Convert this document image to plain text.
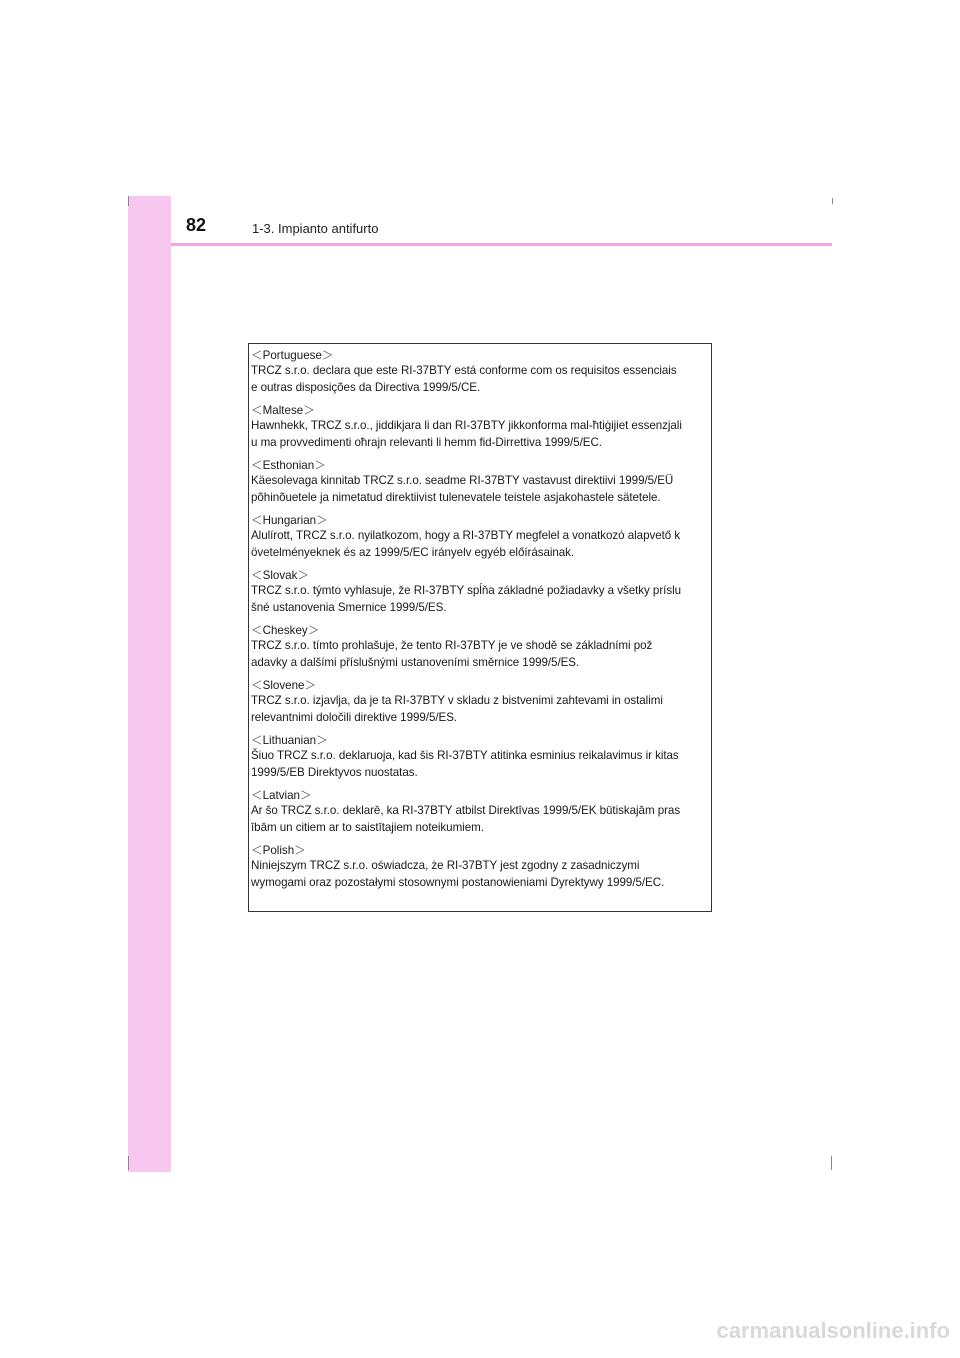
82	1-3. Impianto antifurto
＜Portuguese＞
TRCZ s.r.o. declara que este RI-37BTY está conforme com os requisitos essenciais
e outras disposições da Directiva 1999/5/CE.
＜Maltese＞
Hawnhekk, TRCZ s.r.o., jiddikjara li dan RI-37BTY jikkonforma mal-ħtiġijiet essenzjali
u ma provvedimenti oħrajn relevanti li hemm fid-Dirrettiva 1999/5/EC.
＜Esthonian＞
Käesolevaga kinnitab TRCZ s.r.o. seadme RI-37BTY vastavust direktiivi 1999/5/EÜ
põhinõuetele ja nimetatud direktiivist tulenevatele teistele asjakohastele sätetele.
＜Hungarian＞
Alulírott, TRCZ s.r.o. nyilatkozom, hogy a RI-37BTY megfelel a vonatkozó alapvető k
övetelményeknek és az 1999/5/EC irányelv egyéb előírásainak.
＜Slovak＞
TRCZ s.r.o. týmto vyhlasuje, že RI-37BTY spĺňa základné požiadavky a všetky príslu
šné ustanovenia Smernice 1999/5/ES.
＜Cheskey＞
TRCZ s.r.o. tímto prohlašuje, že tento RI-37BTY je ve shodě se základními pož
adavky a dalšími příslušnými ustanoveními směrnice 1999/5/ES.
＜Slovene＞
TRCZ s.r.o. izjavlja, da je ta RI-37BTY v skladu z bistvenimi zahtevami in ostalimi
relevantnimi določili direktive 1999/5/ES.
＜Lithuanian＞
Šiuo TRCZ s.r.o. deklaruoja, kad šis RI-37BTY atitinka esminius reikalavimus ir kitas
1999/5/EB Direktyvos nuostatas.
＜Latvian＞
Ar šo TRCZ s.r.o. deklarē, ka RI-37BTY atbilst Direktīvas 1999/5/EK būtiskajām pras
ībām un citiem ar to saistītajiem noteikumiem.
＜Polish＞
Niniejszym TRCZ s.r.o. oświadcza, że RI-37BTY jest zgodny z zasadniczymi
wymogami oraz pozostałymi stosownymi postanowieniami Dyrektywy 1999/5/EC.
carmanualsonline.info
